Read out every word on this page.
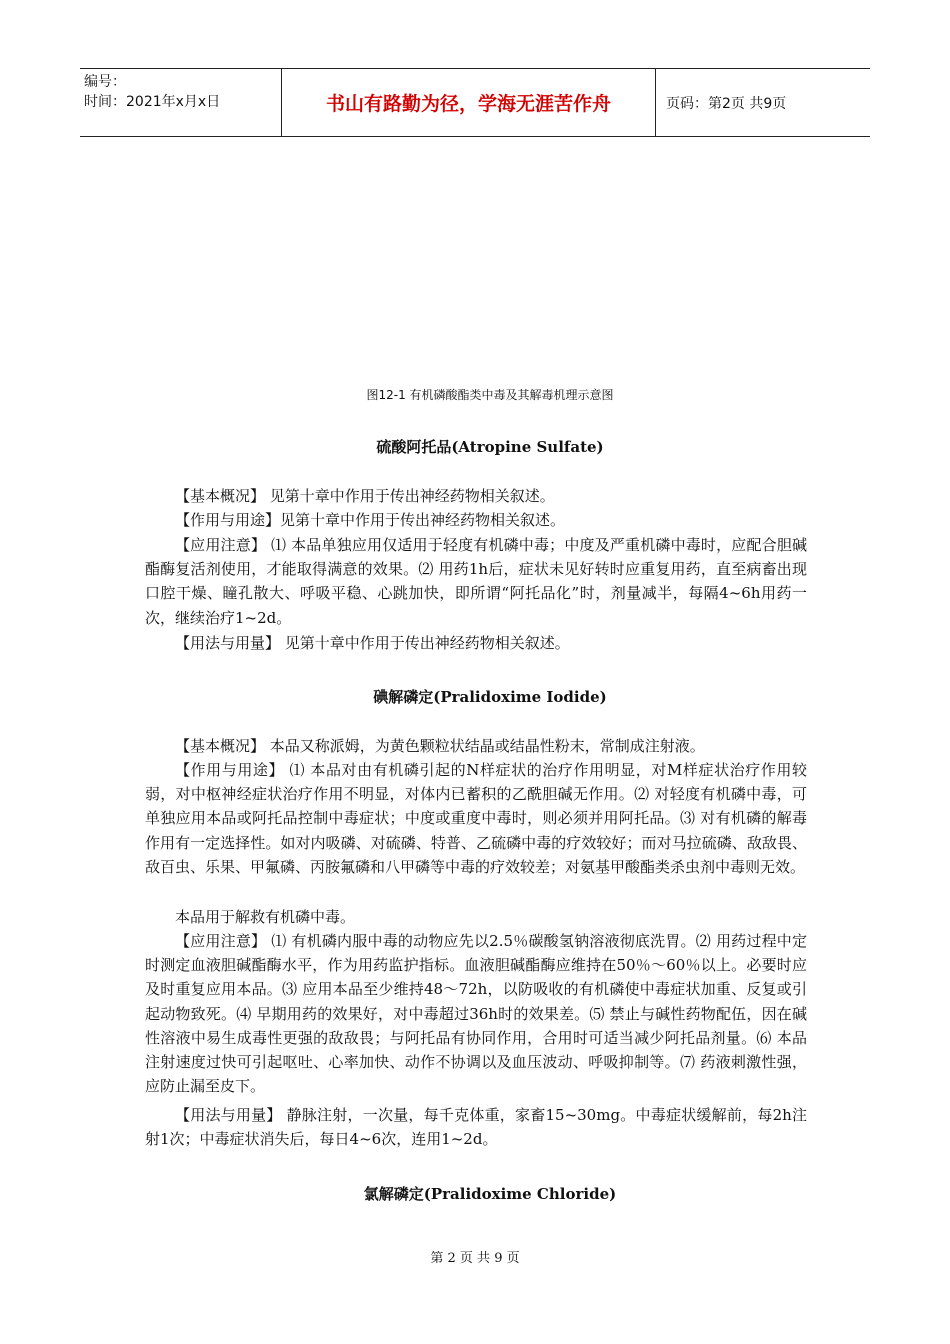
编号：
时间：2021年x月x日	书山有路勤为径，学海无涯苦作舟	页码：第2页 共9页
图12-1 有机磷酸酯类中毒及其解毒机理示意图
硫酸阿托品(Atropine Sulfate)

【基本概况】 见第十章中作用于传出神经药物相关叙述。

【作用与用途】见第十章中作用于传出神经药物相关叙述。

【应用注意】 ⑴ 本品单独应用仅适用于轻度有机磷中毒；中度及严重机磷中毒时，应配合胆碱酯酶复活剂使用，才能取得满意的效果。⑵ 用药1h后，症状未见好转时应重复用药，直至病畜出现口腔干燥、瞳孔散大、呼吸平稳、心跳加快，即所谓“阿托品化”时，剂量减半，每隔4~6h用药一次，继续治疗1~2d。

【用法与用量】 见第十章中作用于传出神经药物相关叙述。

碘解磷定(Pralidoxime Iodide)

【基本概况】 本品又称派姆，为黄色颗粒状结晶或结晶性粉末，常制成注射液。

【作用与用途】 ⑴ 本品对由有机磷引起的N样症状的治疗作用明显，对M样症状治疗作用较弱，对中枢神经症状治疗作用不明显，对体内已蓄积的乙酰胆碱无作用。⑵ 对轻度有机磷中毒，可单独应用本品或阿托品控制中毒症状；中度或重度中毒时，则必须并用阿托品。⑶ 对有机磷的解毒作用有一定选择性。如对内吸磷、对硫磷、特普、乙硫磷中毒的疗效较好；而对马拉硫磷、敌敌畏、敌百虫、乐果、甲氟磷、丙胺氟磷和八甲磷等中毒的疗效较差；对氨基甲酸酯类杀虫剂中毒则无效。

本品用于解救有机磷中毒。

【应用注意】 ⑴ 有机磷内服中毒的动物应先以2.5％碳酸氢钠溶液彻底洗胃。⑵ 用药过程中定时测定血液胆碱酯酶水平，作为用药监护指标。血液胆碱酯酶应维持在50％～60％以上。必要时应及时重复应用本品。⑶ 应用本品至少维持48～72h，以防吸收的有机磷使中毒症状加重、反复或引起动物致死。⑷ 早期用药的效果好，对中毒超过36h时的效果差。⑸ 禁止与碱性药物配伍，因在碱性溶液中易生成毒性更强的敌敌畏；与阿托品有协同作用，合用时可适当减少阿托品剂量。⑹ 本品注射速度过快可引起呕吐、心率加快、动作不协调以及血压波动、呼吸抑制等。⑺ 药液刺激性强，应防止漏至皮下。

【用法与用量】 静脉注射，一次量，每千克体重，家畜15~30mg。中毒症状缓解前，每2h注射1次；中毒症状消失后，每日4~6次，连用1~2d。

氯解磷定(Pralidoxime Chloride)
第 2 页 共 9 页
